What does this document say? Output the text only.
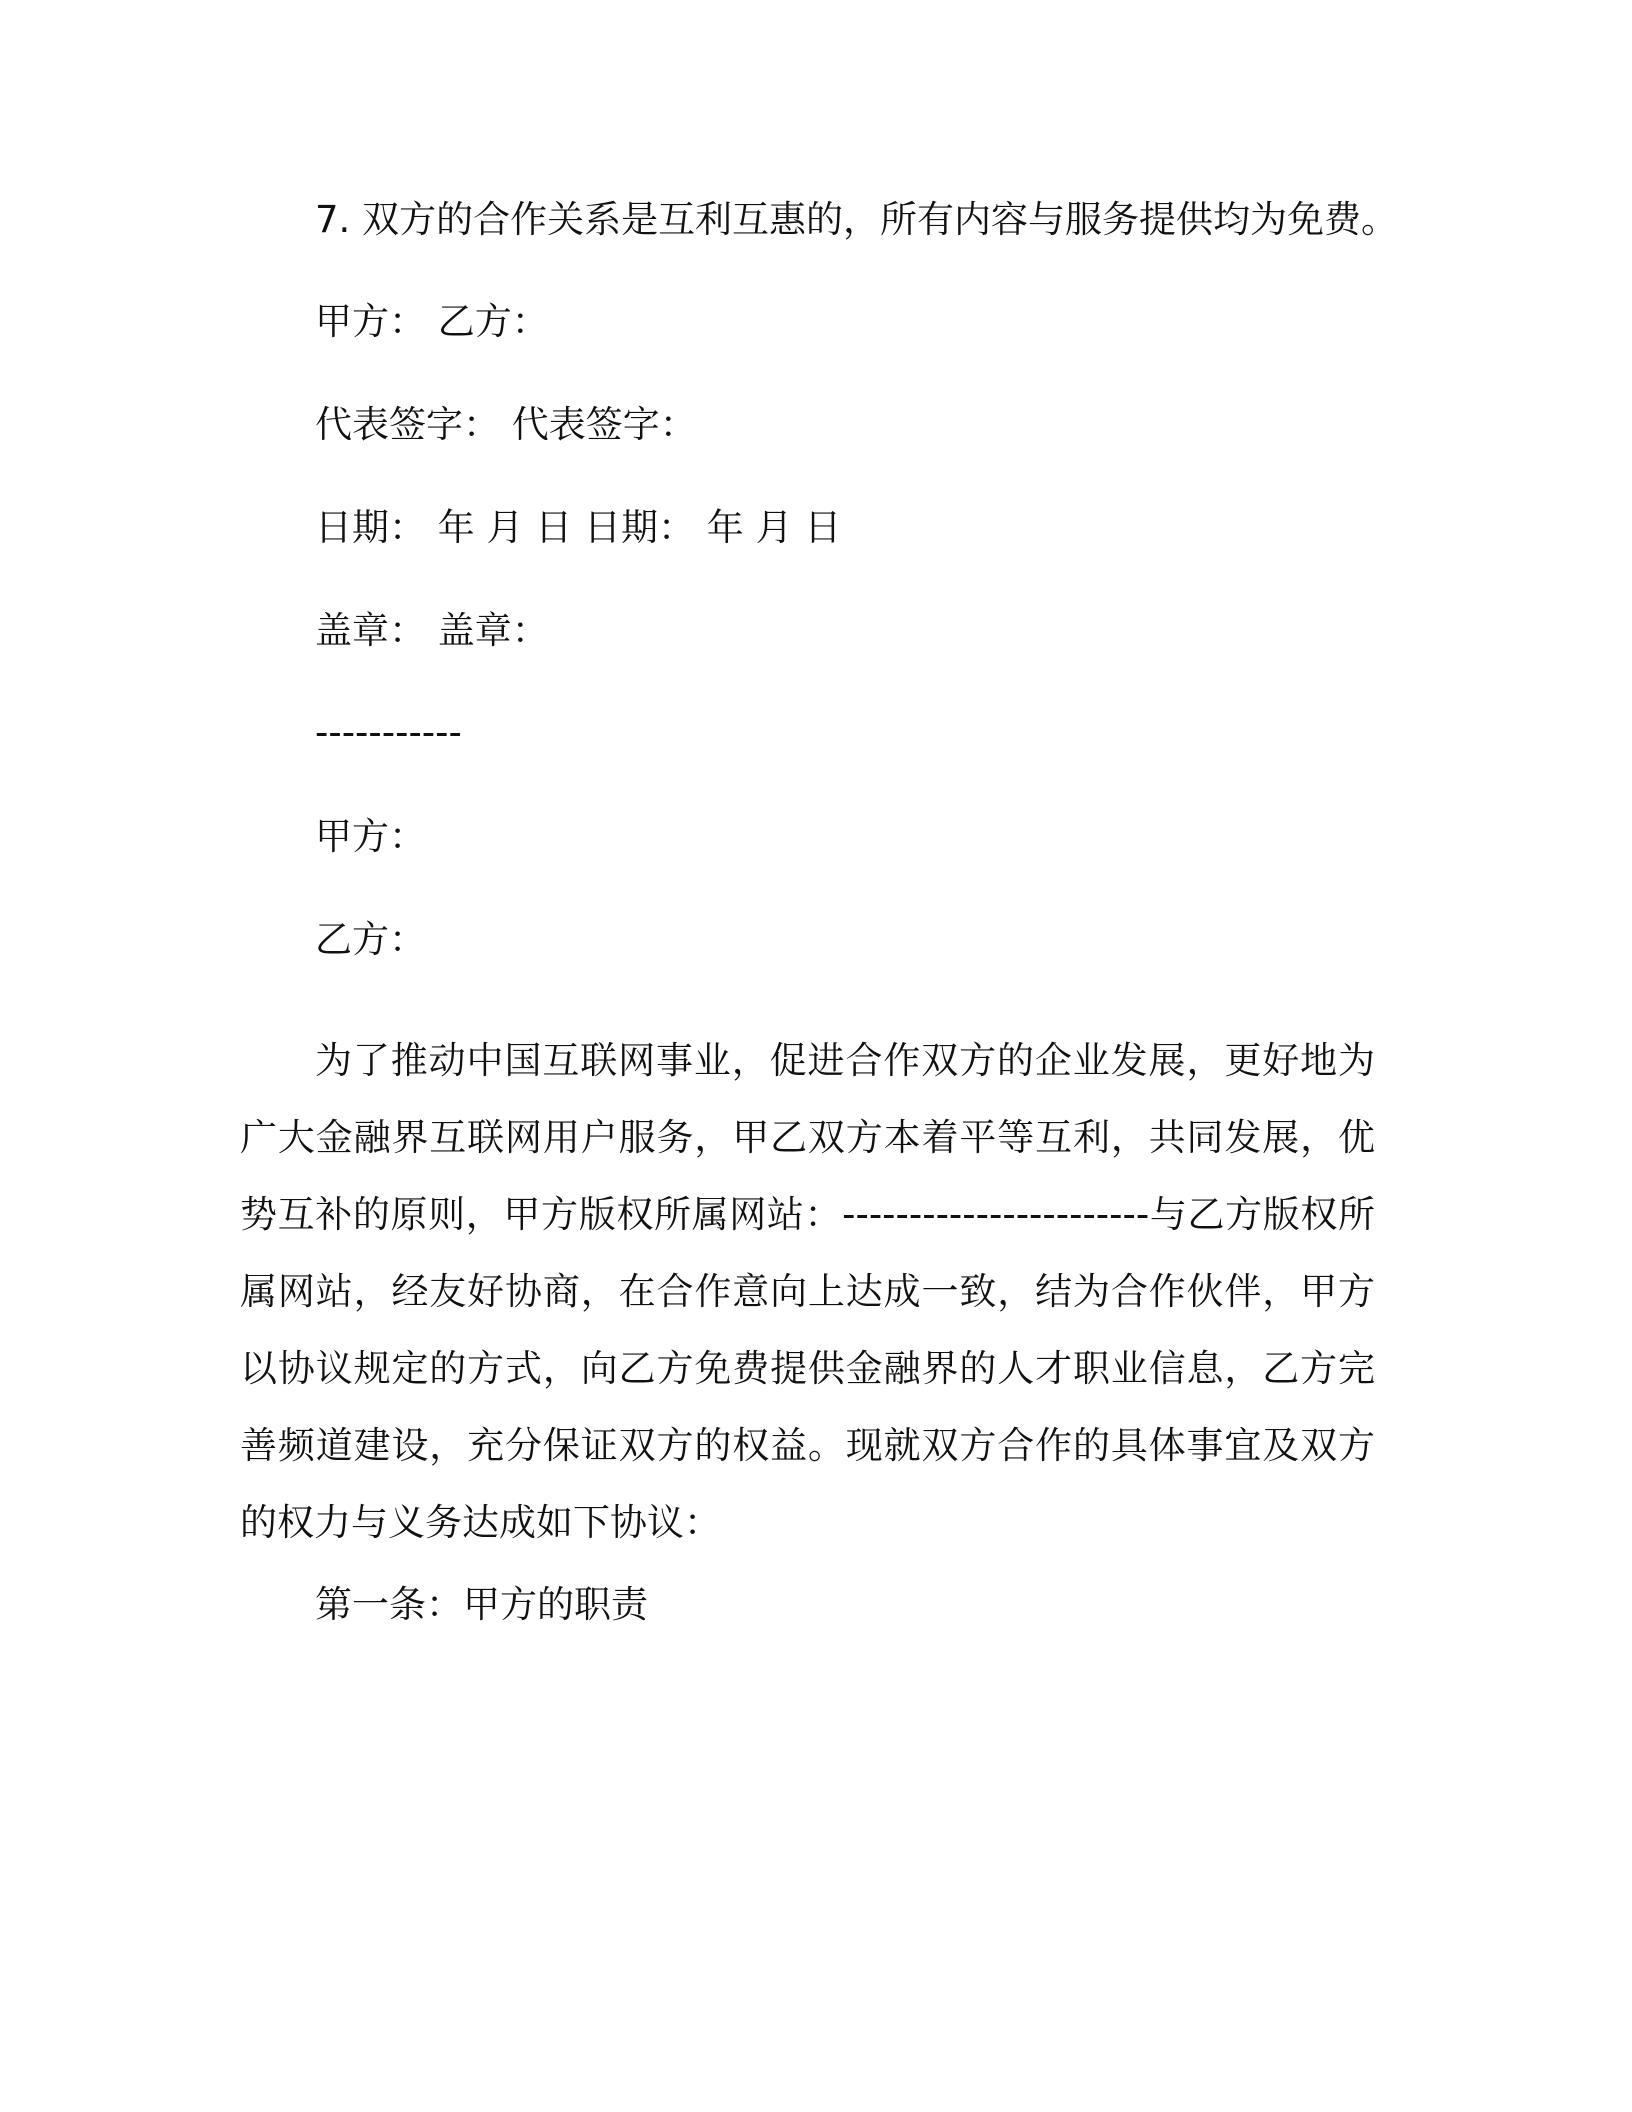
7. 双方的合作关系是互利互惠的，所有内容与服务提供均为免费。
甲方： 乙方：
代表签字： 代表签字：
日期： 年 月 日 日期： 年 月 日
盖章： 盖章：
-----------
甲方：
乙方：

为了推动中国互联网事业，促进合作双方的企业发展，更好地为广大金融界互联网用户服务，甲乙双方本着平等互利，共同发展，优势互补的原则，甲方版权所属网站：-----------------------与乙方版权所属网站，经友好协商，在合作意向上达成一致，结为合作伙伴，甲方以协议规定的方式，向乙方免费提供金融界的人才职业信息，乙方完善频道建设，充分保证双方的权益。现就双方合作的具体事宜及双方的权力与义务达成如下协议：

第一条：甲方的职责
